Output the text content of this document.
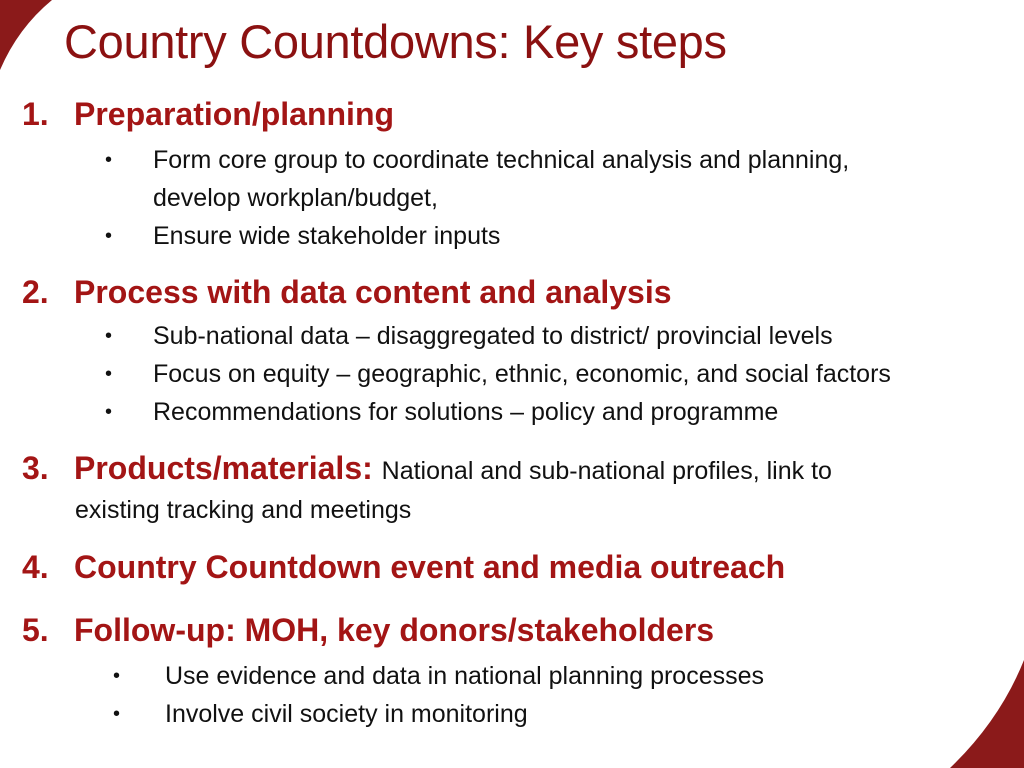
Country Countdowns: Key steps
1. Preparation/planning
• Form core group to coordinate technical analysis and planning,
develop workplan/budget,
• Ensure wide stakeholder inputs
2. Process with data content and analysis
• Sub-national data – disaggregated to district/ provincial levels
• Focus on equity – geographic, ethnic, economic, and social factors
• Recommendations for solutions – policy and programme
3. Products/materials: National and sub-national profiles, link to
existing tracking and meetings
4. Country Countdown event and media outreach
5. Follow-up: MOH, key donors/stakeholders
• Use evidence and data in national planning processes
• Involve civil society in monitoring
